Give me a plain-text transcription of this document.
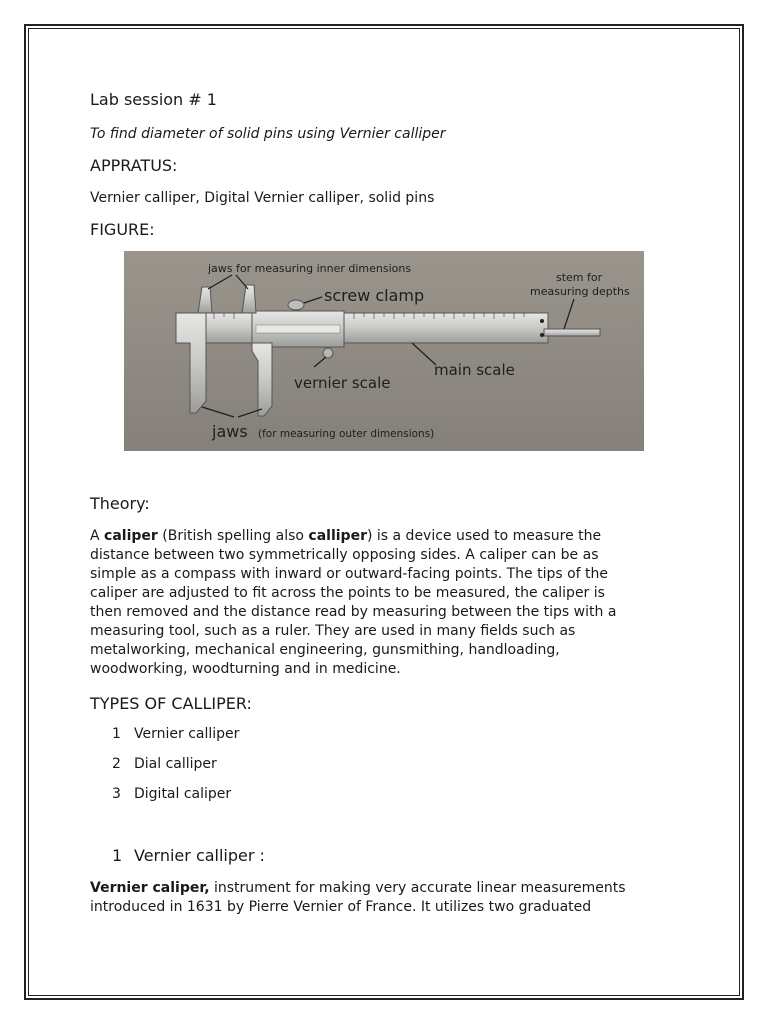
Lab session # 1

To find diameter of solid pins using Vernier calliper

APPRATUS:

Vernier calliper, Digital Vernier calliper, solid pins

FIGURE:
jaws for measuring inner dimensions
screw clamp
stem for
measuring depths
main scale
vernier scale
jaws (for measuring outer dimensions)
Theory:
A caliper (British spelling also calliper) is a device used to measure the
distance between two symmetrically opposing sides. A caliper can be as
simple as a compass with inward or outward-facing points. The tips of the
caliper are adjusted to fit across the points to be measured, the caliper is
then removed and the distance read by measuring between the tips with a
measuring tool, such as a ruler. They are used in many fields such as
metalworking, mechanical engineering, gunsmithing, handloading,
woodworking, woodturning and in medicine.
TYPES OF CALLIPER:
1 Vernier calliper
2 Dial calliper
3 Digital caliper
1 Vernier calliper :

Vernier caliper, instrument for making very accurate linear measurements
introduced in 1631 by Pierre Vernier of France. It utilizes two graduated
